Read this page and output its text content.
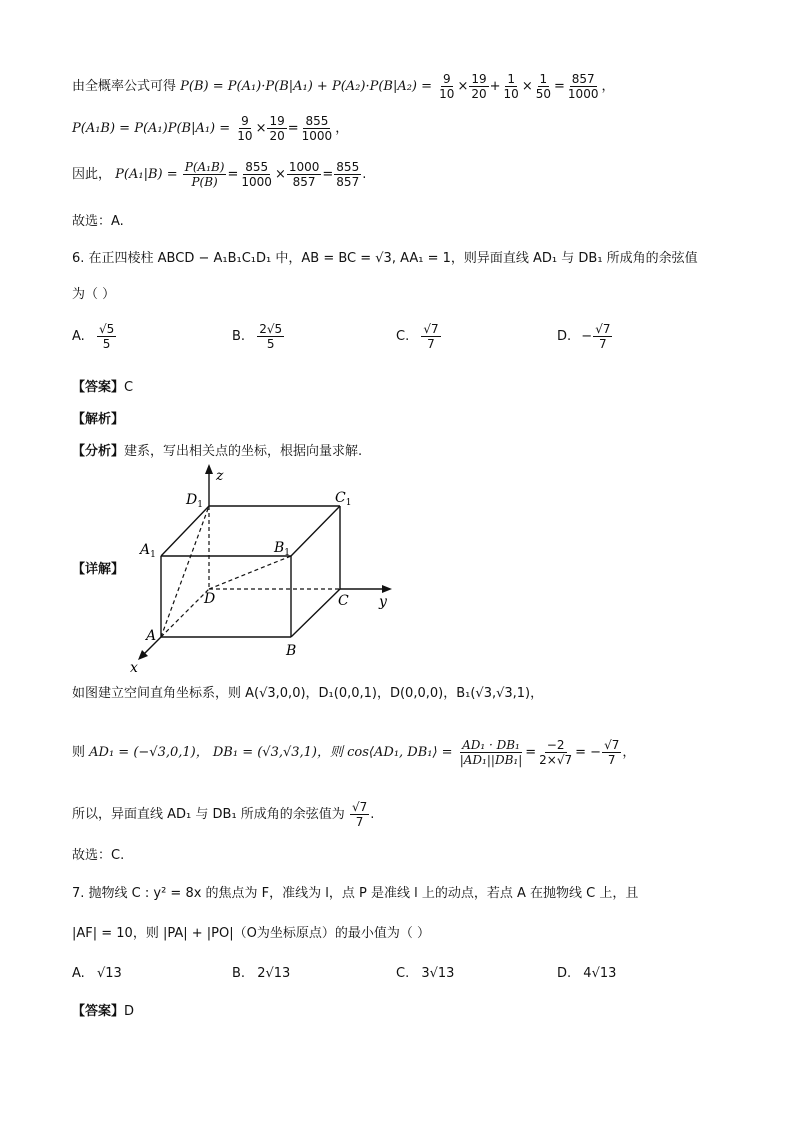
由全概率公式可得 $P(B) = P(A_1)\cdot P(B|A_1) + P(A_2)\cdot P(B|A_2) = \frac{9}{10} \times \frac{19}{20} + \frac{1}{10} \times \frac{1}{50} = \frac{857}{1000}$ ，
$P(A_1B) = P(A_1)P(B|A_1) = \frac{9}{10} \times \frac{19}{20} = \frac{855}{1000}$ ，
因此， $P(A_1|B) = \frac{\text{P(A₁B)}}{P(B)} = \frac{855}{1000} \times \frac{1000}{857} = \frac{855}{857}$ .
故选：A.
6. 在正四棱柱 ABCD − A₁B₁C₁D₁ 中，AB = BC = √3, AA₁ = 1，则异面直线 AD₁ 与 DB₁ 所成角的余弦值
为（ ）
A. $\frac{√5}{5}$	B. $\frac{2√5}{5}$	C. $\frac{√7}{7}$	D. − $\frac{√7}{7}$
【答案】C
【解析】
【分析】建系，写出相关点的坐标，根据向量求解.
【详解】
z
y
x
A
B
C
D
$A_1$	$B_1$
$C_1$
$D_1$
如图建立空间直角坐标系，则 A(√3,0,0)，D₁(0,0,1)，D(0,0,0)，B₁(√3,√3,1)，
则 AD₁ = (−√3,0,1)， DB₁ = (√3,√3,1)，则 cos⟨AD₁, DB₁⟩ = $\frac{\text{AD₁ · DB₁}}{\text{|AD₁||DB₁|}} = \frac{-2}{2\times√7}$ = − $\frac{√7}{7}$ ，
所以，异面直线 AD₁ 与 DB₁ 所成角的余弦值为 $\frac{√7}{7}$ .
故选：C.
7. 抛物线 C : y² = 8x 的焦点为 F，准线为 l，点 P 是准线 l 上的动点，若点 A 在抛物线 C 上，且
|AF| = 10，则 |PA| + |PO|（O为坐标原点）的最小值为（ ）
A. √13	B. 2√13	C. 3√13	D. 4√13
【答案】D
